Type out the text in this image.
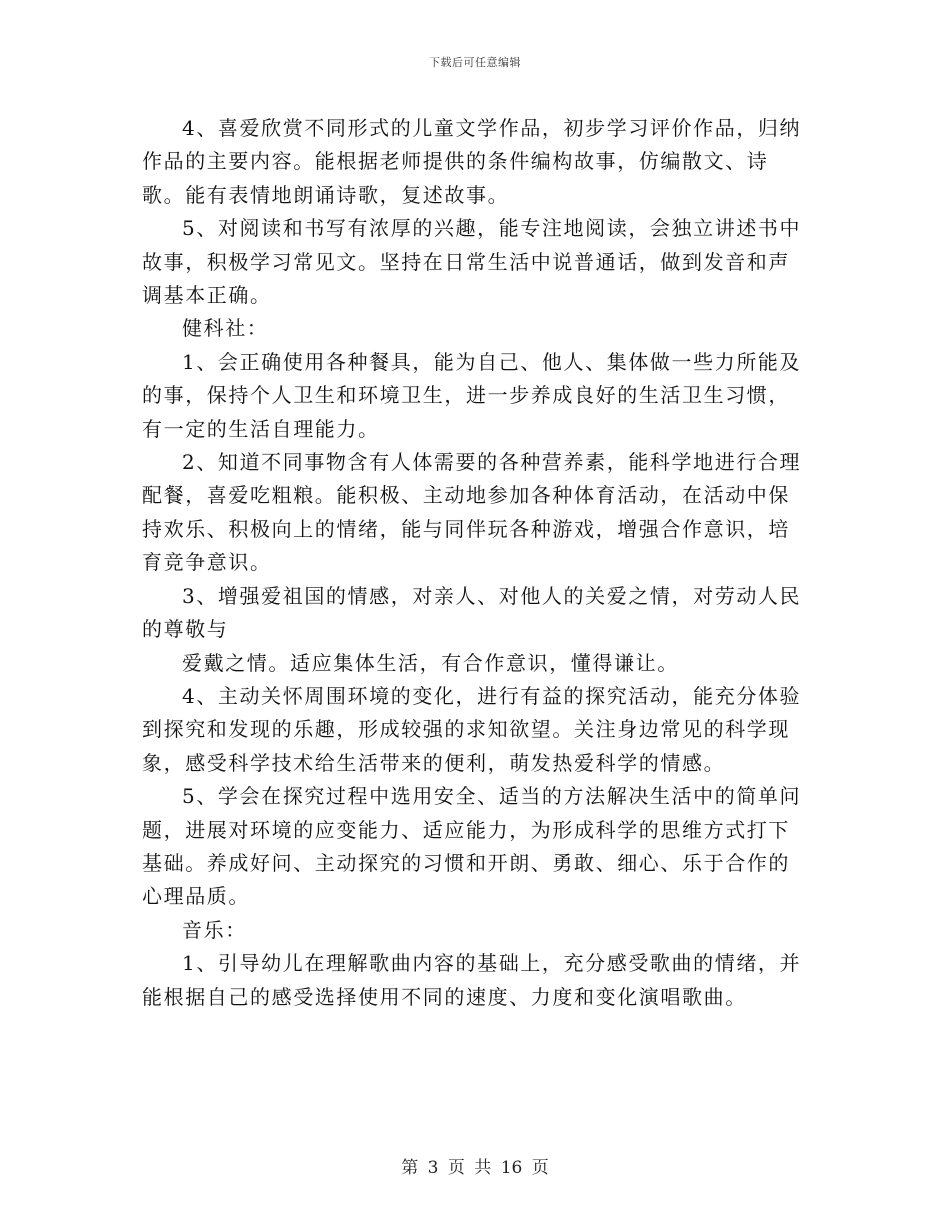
下载后可任意编辑

4、喜爱欣赏不同形式的儿童文学作品，初步学习评价作品，归纳作品的主要内容。能根据老师提供的条件编构故事，仿编散文、诗歌。能有表情地朗诵诗歌，复述故事。

5、对阅读和书写有浓厚的兴趣，能专注地阅读，会独立讲述书中故事，积极学习常见文。坚持在日常生活中说普通话，做到发音和声调基本正确。

健科社：

1、会正确使用各种餐具，能为自己、他人、集体做一些力所能及的事，保持个人卫生和环境卫生，进一步养成良好的生活卫生习惯，有一定的生活自理能力。

2、知道不同事物含有人体需要的各种营养素，能科学地进行合理配餐，喜爱吃粗粮。能积极、主动地参加各种体育活动，在活动中保持欢乐、积极向上的情绪，能与同伴玩各种游戏，增强合作意识，培育竞争意识。

3、增强爱祖国的情感，对亲人、对他人的关爱之情，对劳动人民的尊敬与

爱戴之情。适应集体生活，有合作意识，懂得谦让。

4、主动关怀周围环境的变化，进行有益的探究活动，能充分体验到探究和发现的乐趣，形成较强的求知欲望。关注身边常见的科学现象，感受科学技术给生活带来的便利，萌发热爱科学的情感。

5、学会在探究过程中选用安全、适当的方法解决生活中的简单问题，进展对环境的应变能力、适应能力，为形成科学的思维方式打下基础。养成好问、主动探究的习惯和开朗、勇敢、细心、乐于合作的心理品质。

音乐：

1、引导幼儿在理解歌曲内容的基础上，充分感受歌曲的情绪，并能根据自己的感受选择使用不同的速度、力度和变化演唱歌曲。

第 3 页 共 16 页
